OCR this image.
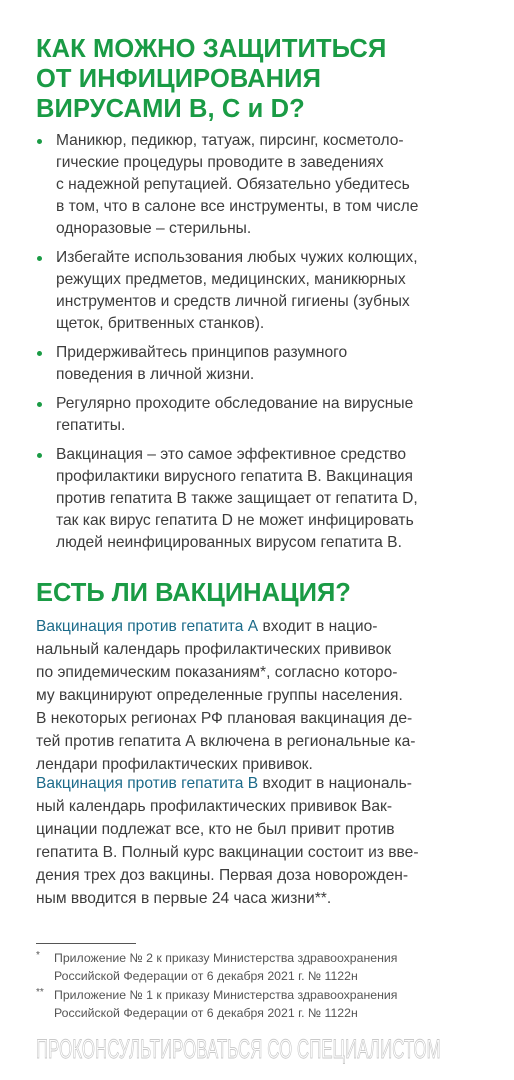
КАК МОЖНО ЗАЩИТИТЬСЯ
ОТ ИНФИЦИРОВАНИЯ
ВИРУСАМИ B, C и D?
Маникюр, педикюр, татуаж, пирсинг, косметоло-
гические процедуры проводите в заведениях
с надежной репутацией. Обязательно убедитесь
в том, что в салоне все инструменты, в том числе
одноразовые – стерильны.
Избегайте использования любых чужих колющих,
режущих предметов, медицинских, маникюрных
инструментов и средств личной гигиены (зубных
щеток, бритвенных станков).
Придерживайтесь принципов разумного
поведения в личной жизни.
Регулярно проходите обследование на вирусные
гепатиты.
Вакцинация – это самое эффективное средство
профилактики вирусного гепатита B. Вакцинация
против гепатита B также защищает от гепатита D,
так как вирус гепатита D не может инфицировать
людей неинфицированных вирусом гепатита B.
ЕСТЬ ЛИ ВАКЦИНАЦИЯ?
Вакцинация против гепатита А входит в нацио-
нальный календарь профилактических прививок
по эпидемическим показаниям*, согласно которо-
му вакцинируют определенные группы населения.
В некоторых регионах РФ плановая вакцинация де-
тей против гепатита А включена в региональные ка-
лендари профилактических прививок.
Вакцинация против гепатита В входит в националь-
ный календарь профилактических прививок Вак-
цинации подлежат все, кто не был привит против
гепатита В. Полный курс вакцинации состоит из вве-
дения трех доз вакцины. Первая доза новорожден-
ным вводится в первые 24 часа жизни**.
*	Приложение № 2 к приказу Министерства здравоохранения
Российской Федерации от 6 декабря 2021 г. № 1122н
** Приложение № 1 к приказу Министерства здравоохранения
Российской Федерации от 6 декабря 2021 г. № 1122н
ПРОКОНСУЛЬТИРОВАТЬСЯ СО СПЕЦИАЛИСТОМ
